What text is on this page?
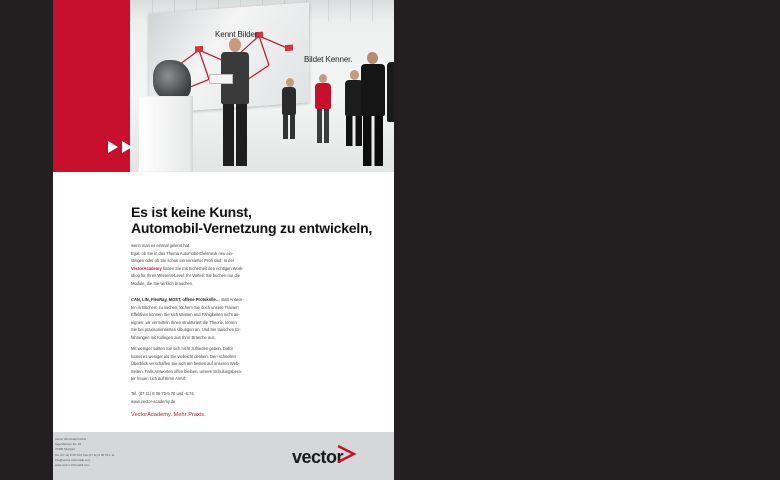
Kennt Bilder.
Bildet Kenner.
Es ist keine Kunst,
Automobil-Vernetzung zu entwickeln,
wenn man es einmal gelernt hat.
Egal, ob Sie in das Thema Automobil-Elektronik neu ein-
steigen oder ob Sie schon ein versierter Profi sind: In der
VectorAcademy finden Sie mit Sicherheit den richtigen Work-
shop für Ihren Wissens-Level. Ihr Vorteil: Sie buchen nur die
Module, die Sie wirklich brauchen.
CAN, LIN, FlexRay, MOST, offene Protokolle… statt Antwor-
ten in Büchern zu suchen, löchern Sie doch unsere Trainer!
Effektiver können Sie sich Wissen und Fähigkeiten nicht an-
eignen: wir vermitteln Ihnen strukturiert die Theorie, lehren
Sie bei praxisorientierten Übungen an. Und Sie tauschen Er-
fahrungen mit Kollegen aus Ihrer Branche aus.
Mit weniger sollten Sie sich nicht zufrieden geben. Dafür
kostet es weniger als Sie vielleicht denken. Den schnellen
Überblick verschaffen Sie sich am besten auf unseren Web-
Seiten. Falls Antworten offen bleiben, unsere Schulungsbera-
ter freuen sich auf Ihren Anruf:
Tel. (07 11) 8 06 70-5 70 und -5 76
www.vector-academy.de
VectorAcademy. Mehr Praxis.
Vector Informatik GmbH
Ingersheimer Str. 24
70499 Stuttgart
Tel. (07 11) 8 06 70-0 Fax (07 11) 8 06 70-1 11
info@vector-informatik.com
www.vector-informatik.com	vector
